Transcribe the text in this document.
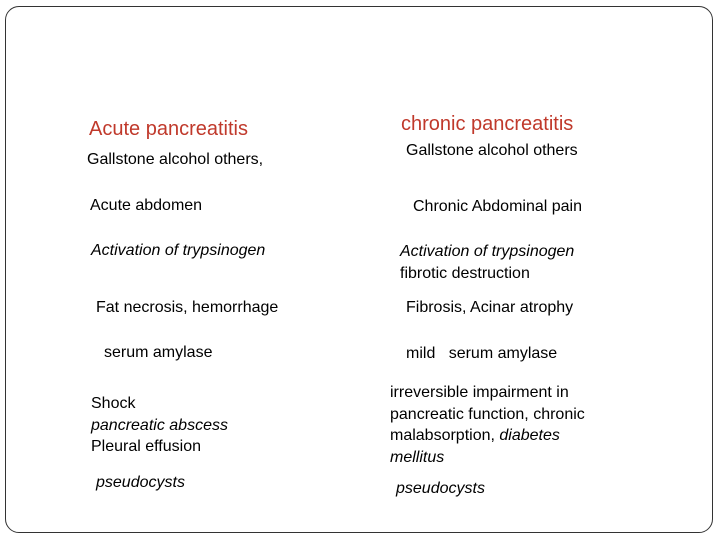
Acute pancreatitis
Gallstone alcohol others,
Acute abdomen
Activation of trypsinogen
Fat necrosis, hemorrhage
serum amylase
Shock
pancreatic abscess
Pleural effusion
pseudocysts
chronic pancreatitis
Gallstone alcohol others
Chronic Abdominal pain
Activation of trypsinogen
fibrotic destruction
Fibrosis, Acinar atrophy
mild serum amylase
irreversible impairment in
pancreatic function, chronic
malabsorption, diabetes
mellitus
pseudocysts
